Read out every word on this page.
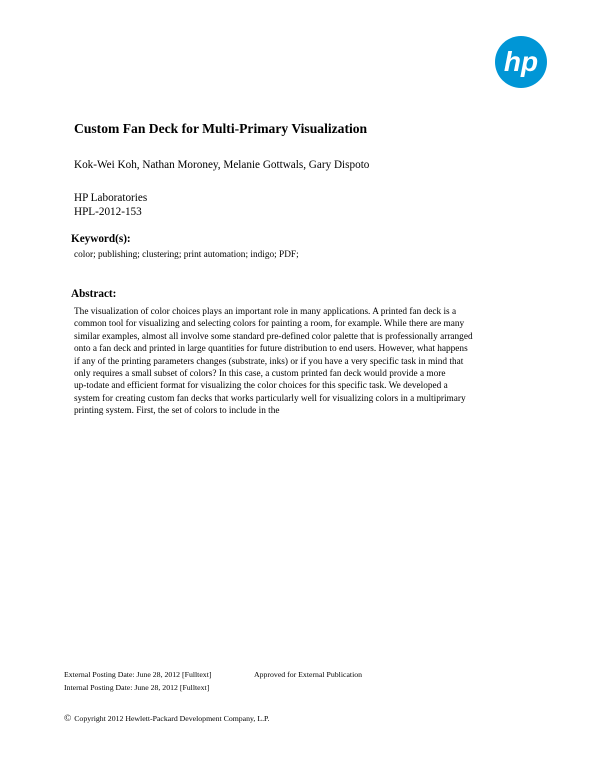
hp
Custom Fan Deck for Multi-Primary Visualization
Kok-Wei Koh, Nathan Moroney, Melanie Gottwals, Gary Dispoto
HP Laboratories
HPL-2012-153
Keyword(s):
color; publishing; clustering; print automation; indigo; PDF;
Abstract:
The visualization of color choices plays an important role in many applications. A printed fan deck is a
common tool for visualizing and selecting colors for painting a room, for example. While there are many
similar examples, almost all involve some standard pre-defined color palette that is professionally arranged
onto a fan deck and printed in large quantities for future distribution to end users. However, what happens
if any of the printing parameters changes (substrate, inks) or if you have a very specific task in mind that
only requires a small subset of colors? In this case, a custom printed fan deck would provide a more
up-todate and efficient format for visualizing the color choices for this specific task. We developed a
system for creating custom fan decks that works particularly well for visualizing colors in a multiprimary
printing system. First, the set of colors to include in the
External Posting Date: June 28, 2012 [Fulltext]	Approved for External Publication
Internal Posting Date: June 28, 2012 [Fulltext]
© Copyright 2012 Hewlett-Packard Development Company, L.P.
